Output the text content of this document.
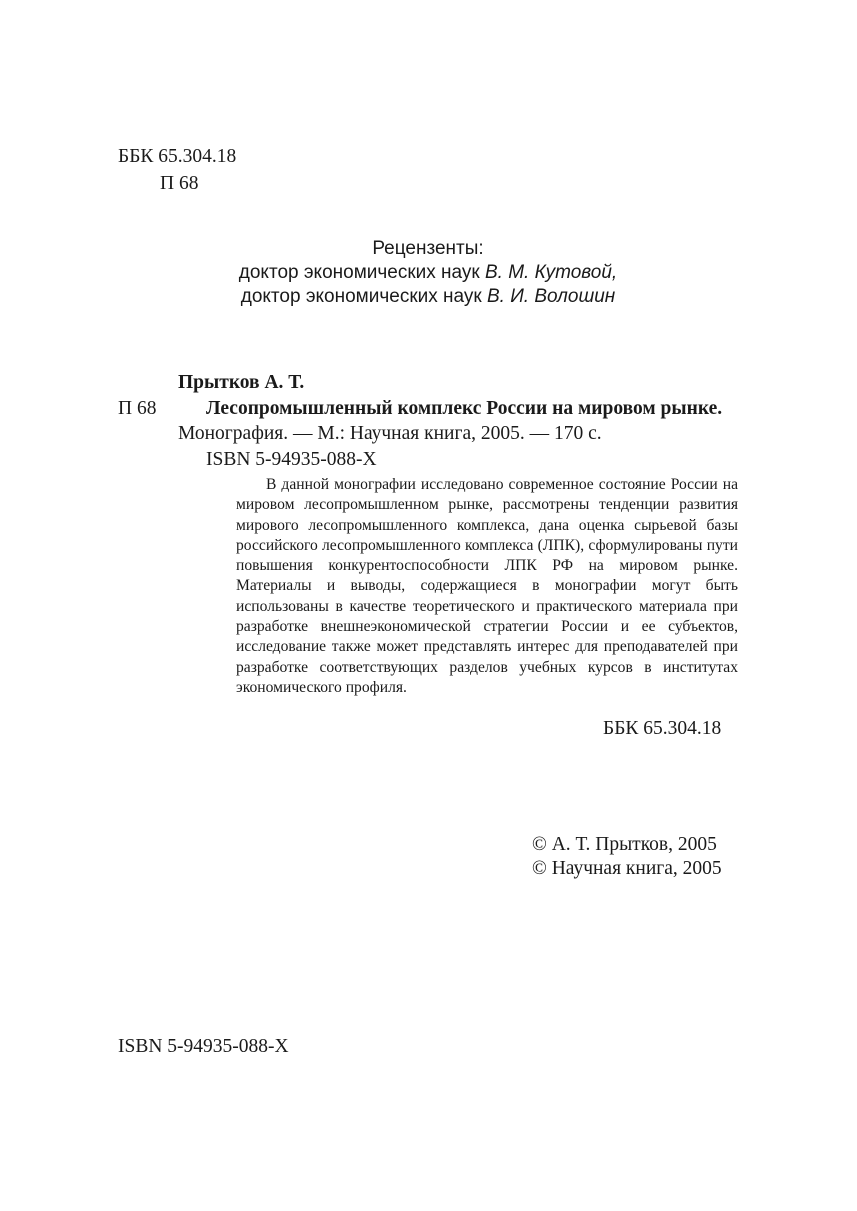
ББК 65.304.18
П 68
Рецензенты:
доктор экономических наук В. М. Кутовой,
доктор экономических наук В. И. Волошин
Прытков А. Т.
П 68	Лесопромышленный комплекс России на мировом рынке.
Монография. — М.: Научная книга, 2005. — 170 с.
ISBN 5-94935-088-X

В данной монографии исследовано современное состояние России на мировом лесопромышленном рынке, рассмотрены тенденции развития мирового лесопромышленного комплекса, дана оценка сырьевой базы российского лесопромышленного комплекса (ЛПК), сформулированы пути повышения конкурентоспособности ЛПК РФ на мировом рынке. Материалы и выводы, содержащиеся в монографии могут быть использованы в качестве теоретического и практического материала при разработке внешнеэкономической стратегии России и ее субъектов, исследование также может представлять интерес для преподавателей при разработке соответствующих разделов учебных курсов в институтах экономического профиля.

ББК 65.304.18
© А. Т. Прытков, 2005
© Научная книга, 2005
ISBN 5-94935-088-X
